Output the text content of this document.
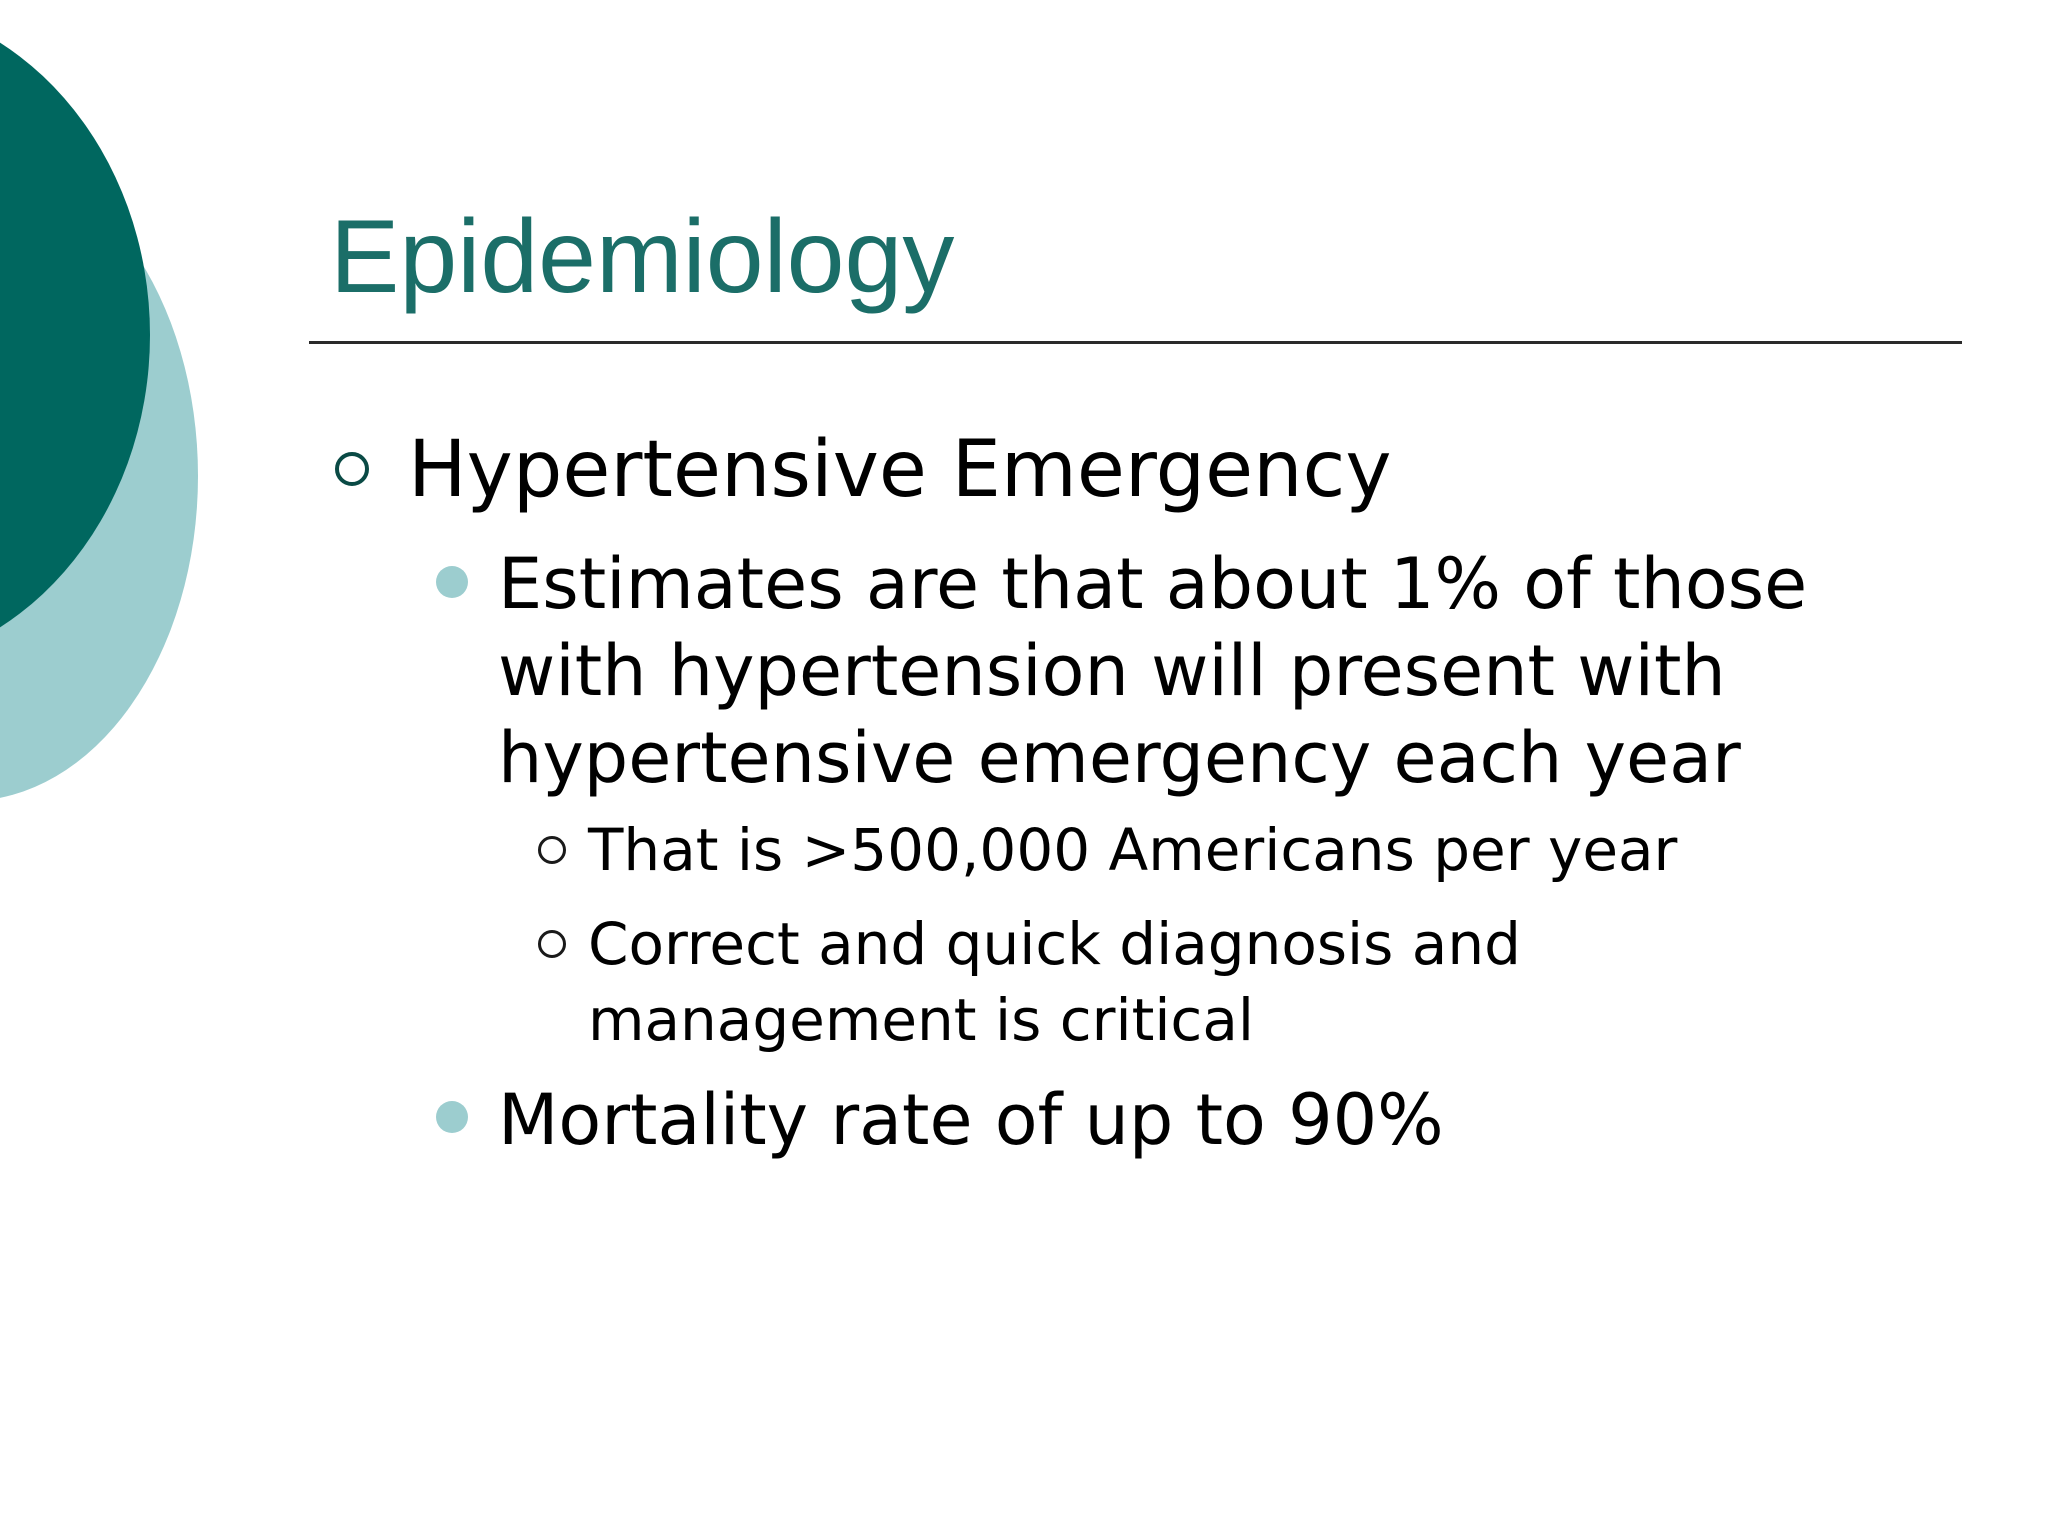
Epidemiology
Hypertensive Emergency
Estimates are that about 1% of those with hypertension will present with hypertensive emergency each year
That is >500,000 Americans per year
Correct and quick diagnosis and management is critical
Mortality rate of up to 90%
